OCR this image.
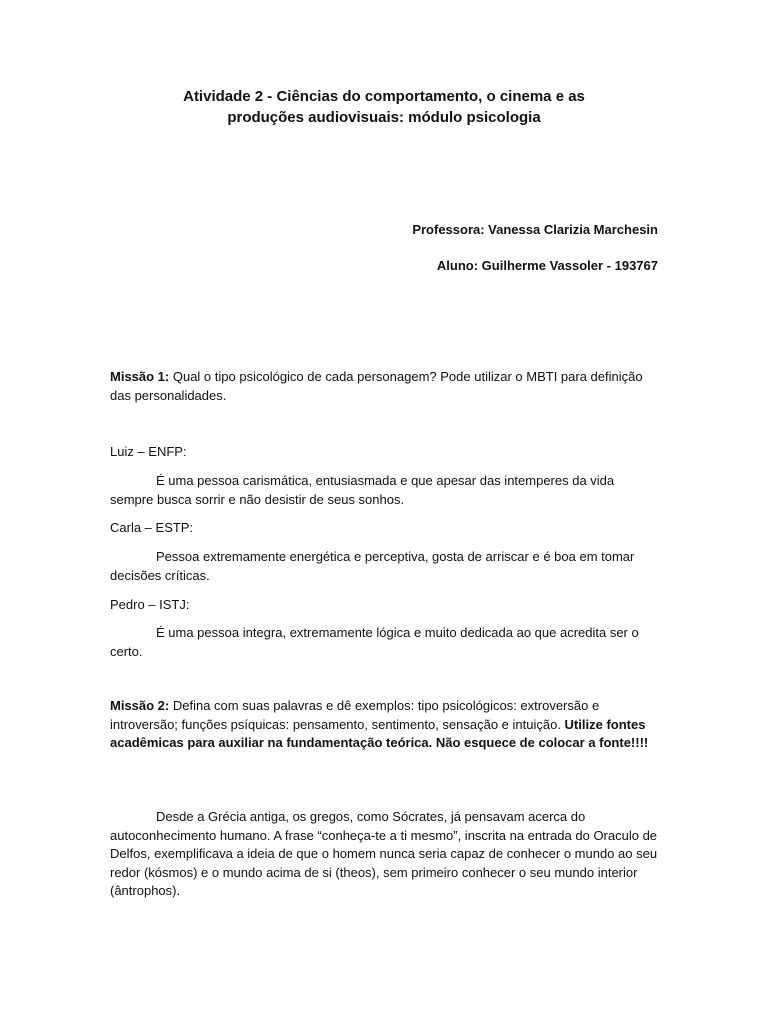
Atividade 2 - Ciências do comportamento, o cinema e as
produções audiovisuais: módulo psicologia
Professora: Vanessa Clarizia Marchesin
Aluno: Guilherme Vassoler - 193767
Missão 1: Qual o tipo psicológico de cada personagem? Pode utilizar o MBTI para definição das personalidades.
Luiz – ENFP:
É uma pessoa carismática, entusiasmada e que apesar das intemperes da vida sempre busca sorrir e não desistir de seus sonhos.
Carla – ESTP:
Pessoa extremamente energética e perceptiva, gosta de arriscar e é boa em tomar decisões críticas.
Pedro – ISTJ:
É uma pessoa integra, extremamente lógica e muito dedicada ao que acredita ser o certo.
Missão 2: Defina com suas palavras e dê exemplos: tipo psicológicos: extroversão e introversão; funções psíquicas: pensamento, sentimento, sensação e intuição. Utilize fontes acadêmicas para auxiliar na fundamentação teórica. Não esquece de colocar a fonte!!!!
Desde a Grécia antiga, os gregos, como Sócrates, já pensavam acerca do autoconhecimento humano. A frase “conheça-te a ti mesmo”, inscrita na entrada do Oraculo de Delfos, exemplificava a ideia de que o homem nunca seria capaz de conhecer o mundo ao seu redor (kósmos) e o mundo acima de si (theos), sem primeiro conhecer o seu mundo interior (ântrophos).
